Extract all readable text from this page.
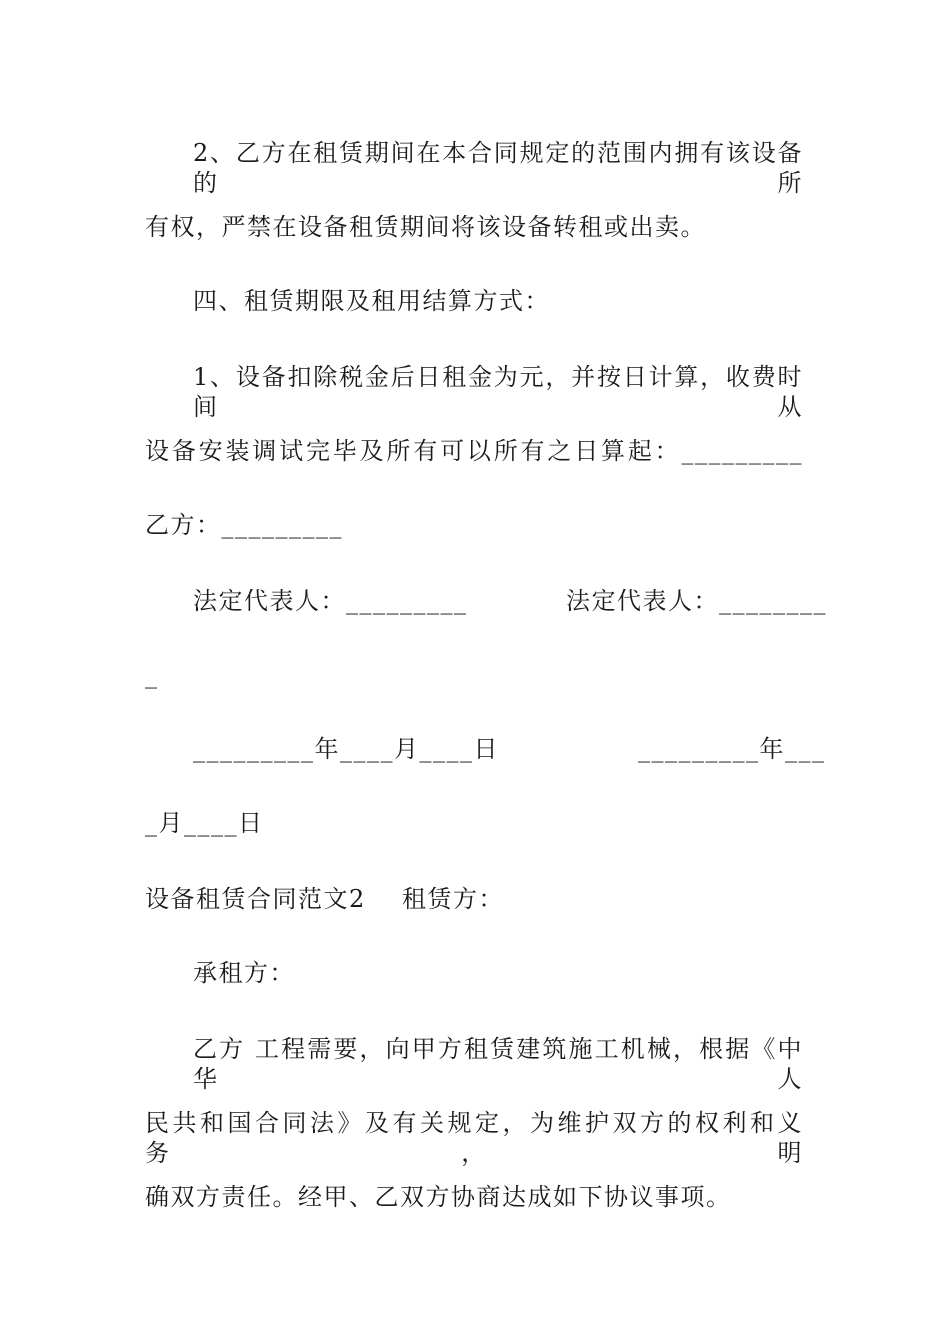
2、乙方在租赁期间在本合同规定的范围内拥有该设备的所
有权，严禁在设备租赁期间将该设备转租或出卖。
四、租赁期限及租用结算方式：
1、设备扣除税金后日租金为元，并按日计算，收费时间从
设备安装调试完毕及所有可以所有之日算起：_________
乙方：_________
法定代表人：_________	法定代表人：________
_
_________年____月____日	_________年___
_月____日
设备租赁合同范文2 租赁方：
承租方：
乙方 工程需要，向甲方租赁建筑施工机械，根据《中华人
民共和国合同法》及有关规定，为维护双方的权利和义务，明
确双方责任。经甲、乙双方协商达成如下协议事项。
